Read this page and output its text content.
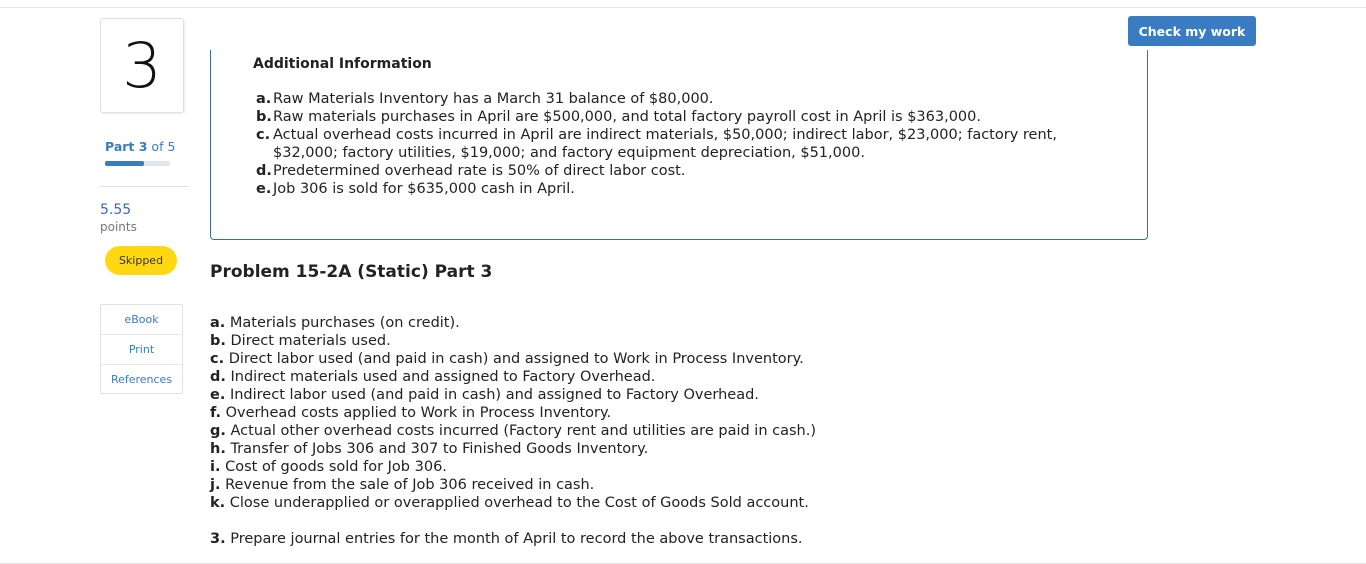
Check my work
3
Part 3 of 5
5.55
points
Skipped
eBook
Print
References
Additional Information
a. Raw Materials Inventory has a March 31 balance of $80,000.
b. Raw materials purchases in April are $500,000, and total factory payroll cost in April is $363,000.
c. Actual overhead costs incurred in April are indirect materials, $50,000; indirect labor, $23,000; factory rent, $32,000; factory utilities, $19,000; and factory equipment depreciation, $51,000.
d. Predetermined overhead rate is 50% of direct labor cost.
e. Job 306 is sold for $635,000 cash in April.
Problem 15-2A (Static) Part 3
a. Materials purchases (on credit).
b. Direct materials used.
c. Direct labor used (and paid in cash) and assigned to Work in Process Inventory.
d. Indirect materials used and assigned to Factory Overhead.
e. Indirect labor used (and paid in cash) and assigned to Factory Overhead.
f. Overhead costs applied to Work in Process Inventory.
g. Actual other overhead costs incurred (Factory rent and utilities are paid in cash.)
h. Transfer of Jobs 306 and 307 to Finished Goods Inventory.
i. Cost of goods sold for Job 306.
j. Revenue from the sale of Job 306 received in cash.
k. Close underapplied or overapplied overhead to the Cost of Goods Sold account.
3. Prepare journal entries for the month of April to record the above transactions.
